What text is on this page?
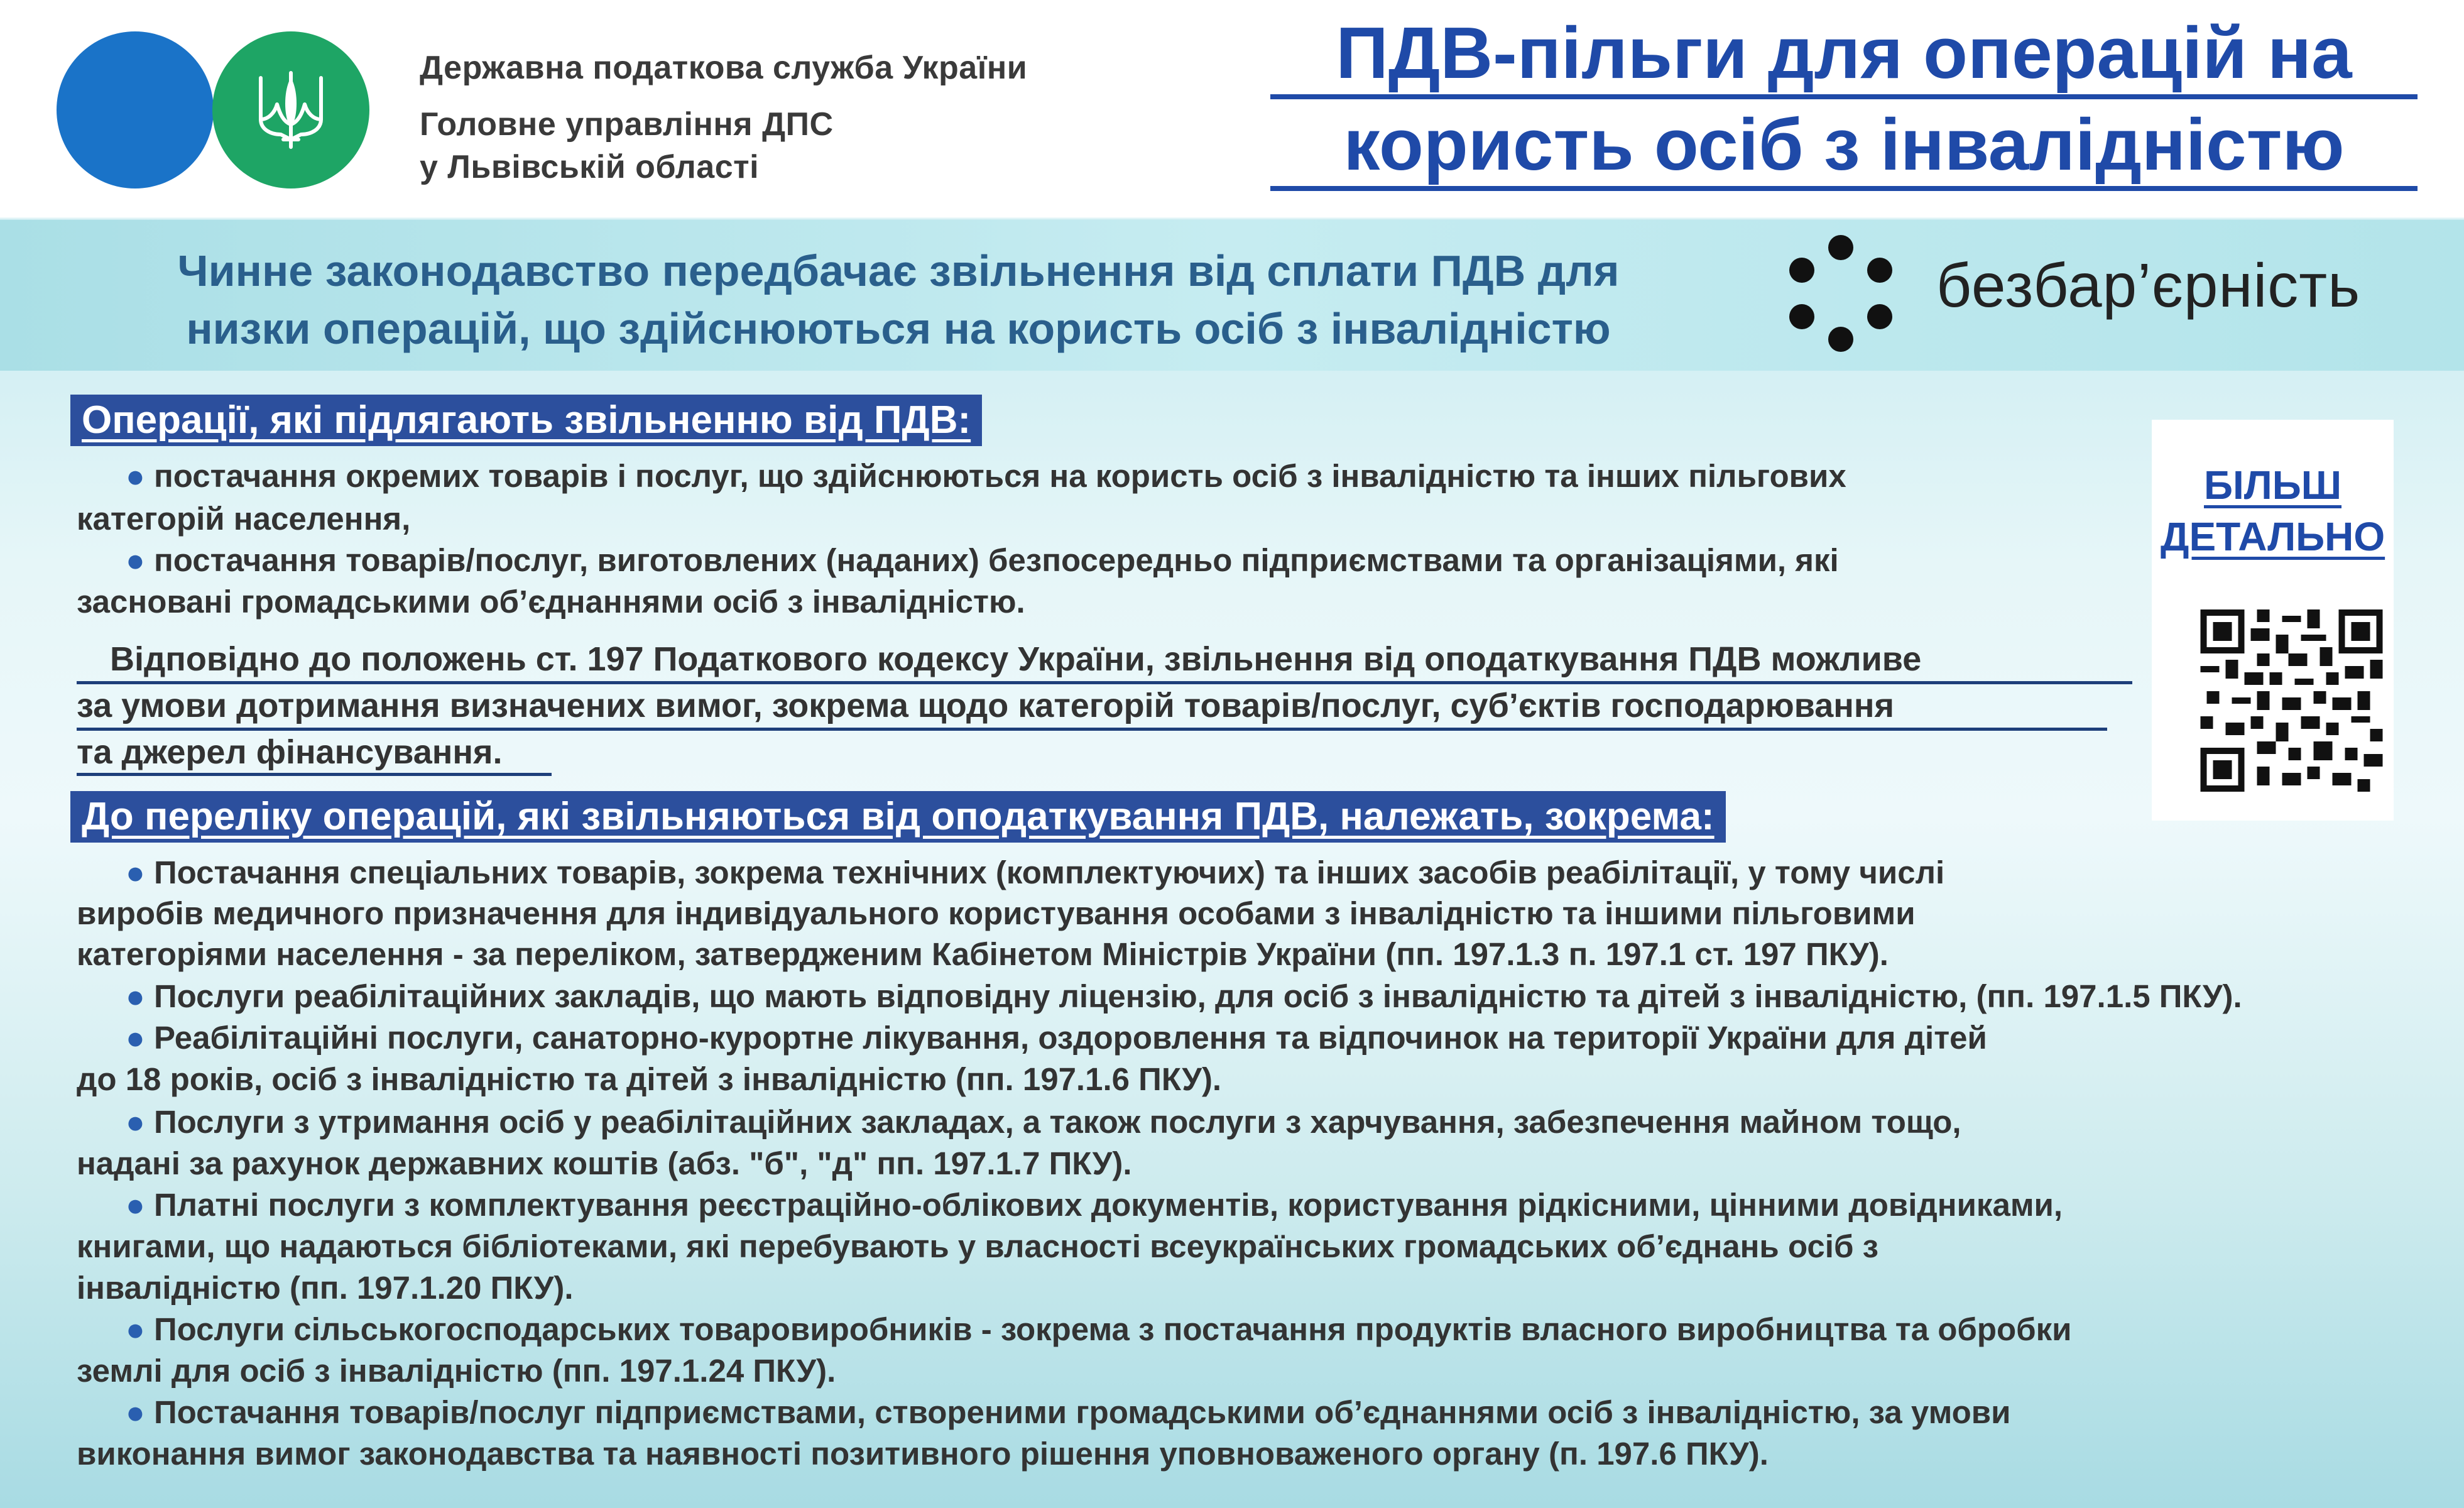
Державна податкова служба України
Головне управління ДПС
у Львівській області
ПДВ-пільги для операцій на
користь осіб з інвалідністю
Чинне законодавство передбачає звільнення від сплати ПДВ для
низки операцій, що здійснюються на користь осіб з інвалідністю
безбар’єрність
Операції, які підлягають звільненню від ПДВ:
● постачання окремих товарів і послуг, що здійснюються на користь осіб з інвалідністю та інших пільгових
категорій населення,
● постачання товарів/послуг, виготовлених (наданих) безпосередньо підприємствами та організаціями, які
засновані громадськими об’єднаннями осіб з інвалідністю.
Відповідно до положень ст. 197 Податкового кодексу України, звільнення від оподаткування ПДВ можливе
за умови дотримання визначених вимог, зокрема щодо категорій товарів/послуг, суб’єктів господарювання
та джерел фінансування.
До переліку операцій, які звільняються від оподаткування ПДВ, належать, зокрема:
● Постачання спеціальних товарів, зокрема технічних (комплектуючих) та інших засобів реабілітації, у тому числі
виробів медичного призначення для індивідуального користування особами з інвалідністю та іншими пільговими
категоріями населення - за переліком, затвердженим Кабінетом Міністрів України (пп. 197.1.3 п. 197.1 ст. 197 ПКУ).
● Послуги реабілітаційних закладів, що мають відповідну ліцензію, для осіб з інвалідністю та дітей з інвалідністю, (пп. 197.1.5 ПКУ).
● Реабілітаційні послуги, санаторно-курортне лікування, оздоровлення та відпочинок на території України для дітей
до 18 років, осіб з інвалідністю та дітей з інвалідністю (пп. 197.1.6 ПКУ).
● Послуги з утримання осіб у реабілітаційних закладах, а також послуги з харчування, забезпечення майном тощо,
надані за рахунок державних коштів (абз. "б", "д" пп. 197.1.7 ПКУ).
● Платні послуги з комплектування реєстраційно-облікових документів, користування рідкісними, цінними довідниками,
книгами, що надаються бібліотеками, які перебувають у власності всеукраїнських громадських об’єднань осіб з
інвалідністю (пп. 197.1.20 ПКУ).
● Послуги сільськогосподарських товаровиробників - зокрема з постачання продуктів власного виробництва та обробки
землі для осіб з інвалідністю (пп. 197.1.24 ПКУ).
● Постачання товарів/послуг підприємствами, створеними громадськими об’єднаннями осіб з інвалідністю, за умови
виконання вимог законодавства та наявності позитивного рішення уповноваженого органу (п. 197.6 ПКУ).
БІЛЬШ
ДЕТАЛЬНО
